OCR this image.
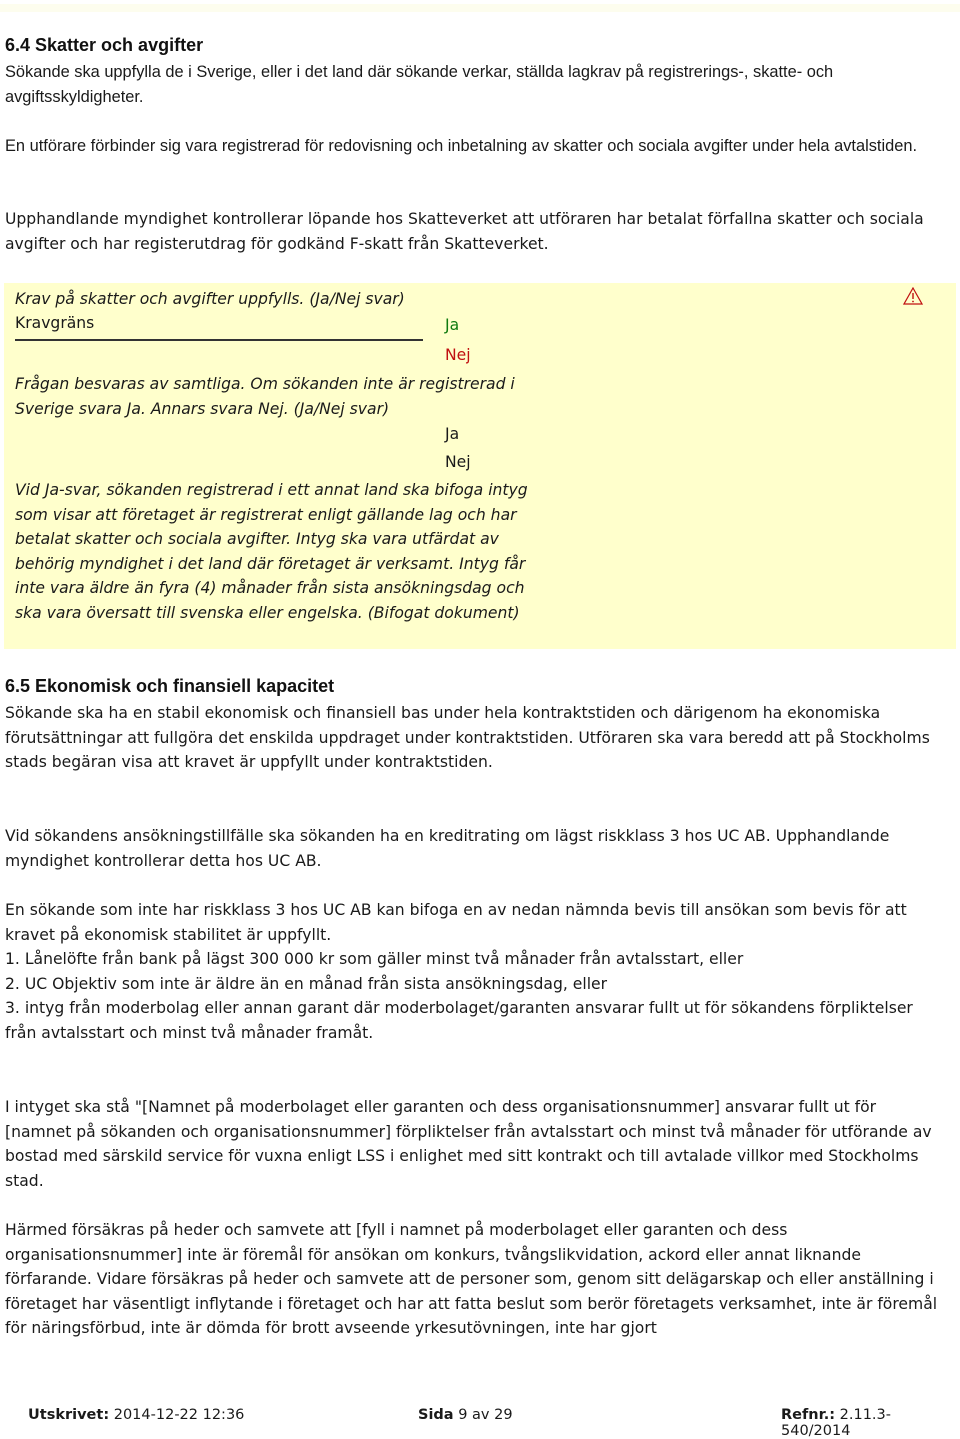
6.4 Skatter och avgifter

Sökande ska uppfylla de i Sverige, eller i det land där sökande verkar, ställda lagkrav på registrerings-, skatte- och avgiftsskyldigheter.

En utförare förbinder sig vara registrerad för redovisning och inbetalning av skatter och sociala avgifter under hela avtalstiden.

Upphandlande myndighet kontrollerar löpande hos Skatteverket att utföraren har betalat förfallna skatter och sociala avgifter och har registerutdrag för godkänd F-skatt från Skatteverket.

Krav på skatter och avgifter uppfylls. (Ja/Nej svar)
Kravgräns	Ja
Nej
Frågan besvaras av samtliga. Om sökanden inte är registrerad i Sverige svara Ja. Annars svara Nej. (Ja/Nej svar)
Ja
Nej
Vid Ja-svar, sökanden registrerad i ett annat land ska bifoga intyg som visar att företaget är registrerat enligt gällande lag och har betalat skatter och sociala avgifter. Intyg ska vara utfärdat av behörig myndighet i det land där företaget är verksamt. Intyg får inte vara äldre än fyra (4) månader från sista ansökningsdag och ska vara översatt till svenska eller engelska. (Bifogat dokument)
6.5 Ekonomisk och finansiell kapacitet

Sökande ska ha en stabil ekonomisk och finansiell bas under hela kontraktstiden och därigenom ha ekonomiska förutsättningar att fullgöra det enskilda uppdraget under kontraktstiden. Utföraren ska vara beredd att på Stockholms stads begäran visa att kravet är uppfyllt under kontraktstiden.

Vid sökandens ansökningstillfälle ska sökanden ha en kreditrating om lägst riskklass 3 hos UC AB. Upphandlande myndighet kontrollerar detta hos UC AB.

En sökande som inte har riskklass 3 hos UC AB kan bifoga en av nedan nämnda bevis till ansökan som bevis för att kravet på ekonomisk stabilitet är uppfyllt.
1. Lånelöfte från bank på lägst 300 000 kr som gäller minst två månader från avtalsstart, eller
2. UC Objektiv som inte är äldre än en månad från sista ansökningsdag, eller
3. intyg från moderbolag eller annan garant där moderbolaget/garanten ansvarar fullt ut för sökandens förpliktelser från avtalsstart och minst två månader framåt.

I intyget ska stå "[Namnet på moderbolaget eller garanten och dess organisationsnummer] ansvarar fullt ut för [namnet på sökanden och organisationsnummer] förpliktelser från avtalsstart och minst två månader för utförande av bostad med särskild service för vuxna enligt LSS i enlighet med sitt kontrakt och till avtalade villkor med Stockholms stad.

Härmed försäkras på heder och samvete att [fyll i namnet på moderbolaget eller garanten och dess organisationsnummer] inte är föremål för ansökan om konkurs, tvångslikvidation, ackord eller annat liknande förfarande. Vidare försäkras på heder och samvete att de personer som, genom sitt delägarskap och eller anställning i företaget har väsentligt inflytande i företaget och har att fatta beslut som berör företagets verksamhet, inte är föremål för näringsförbud, inte är dömda för brott avseende yrkesutövningen, inte har gjort

Utskrivet: 2014-12-22 12:36	Sida 9 av 29	Refnr.: 2.11.3-540/2014
